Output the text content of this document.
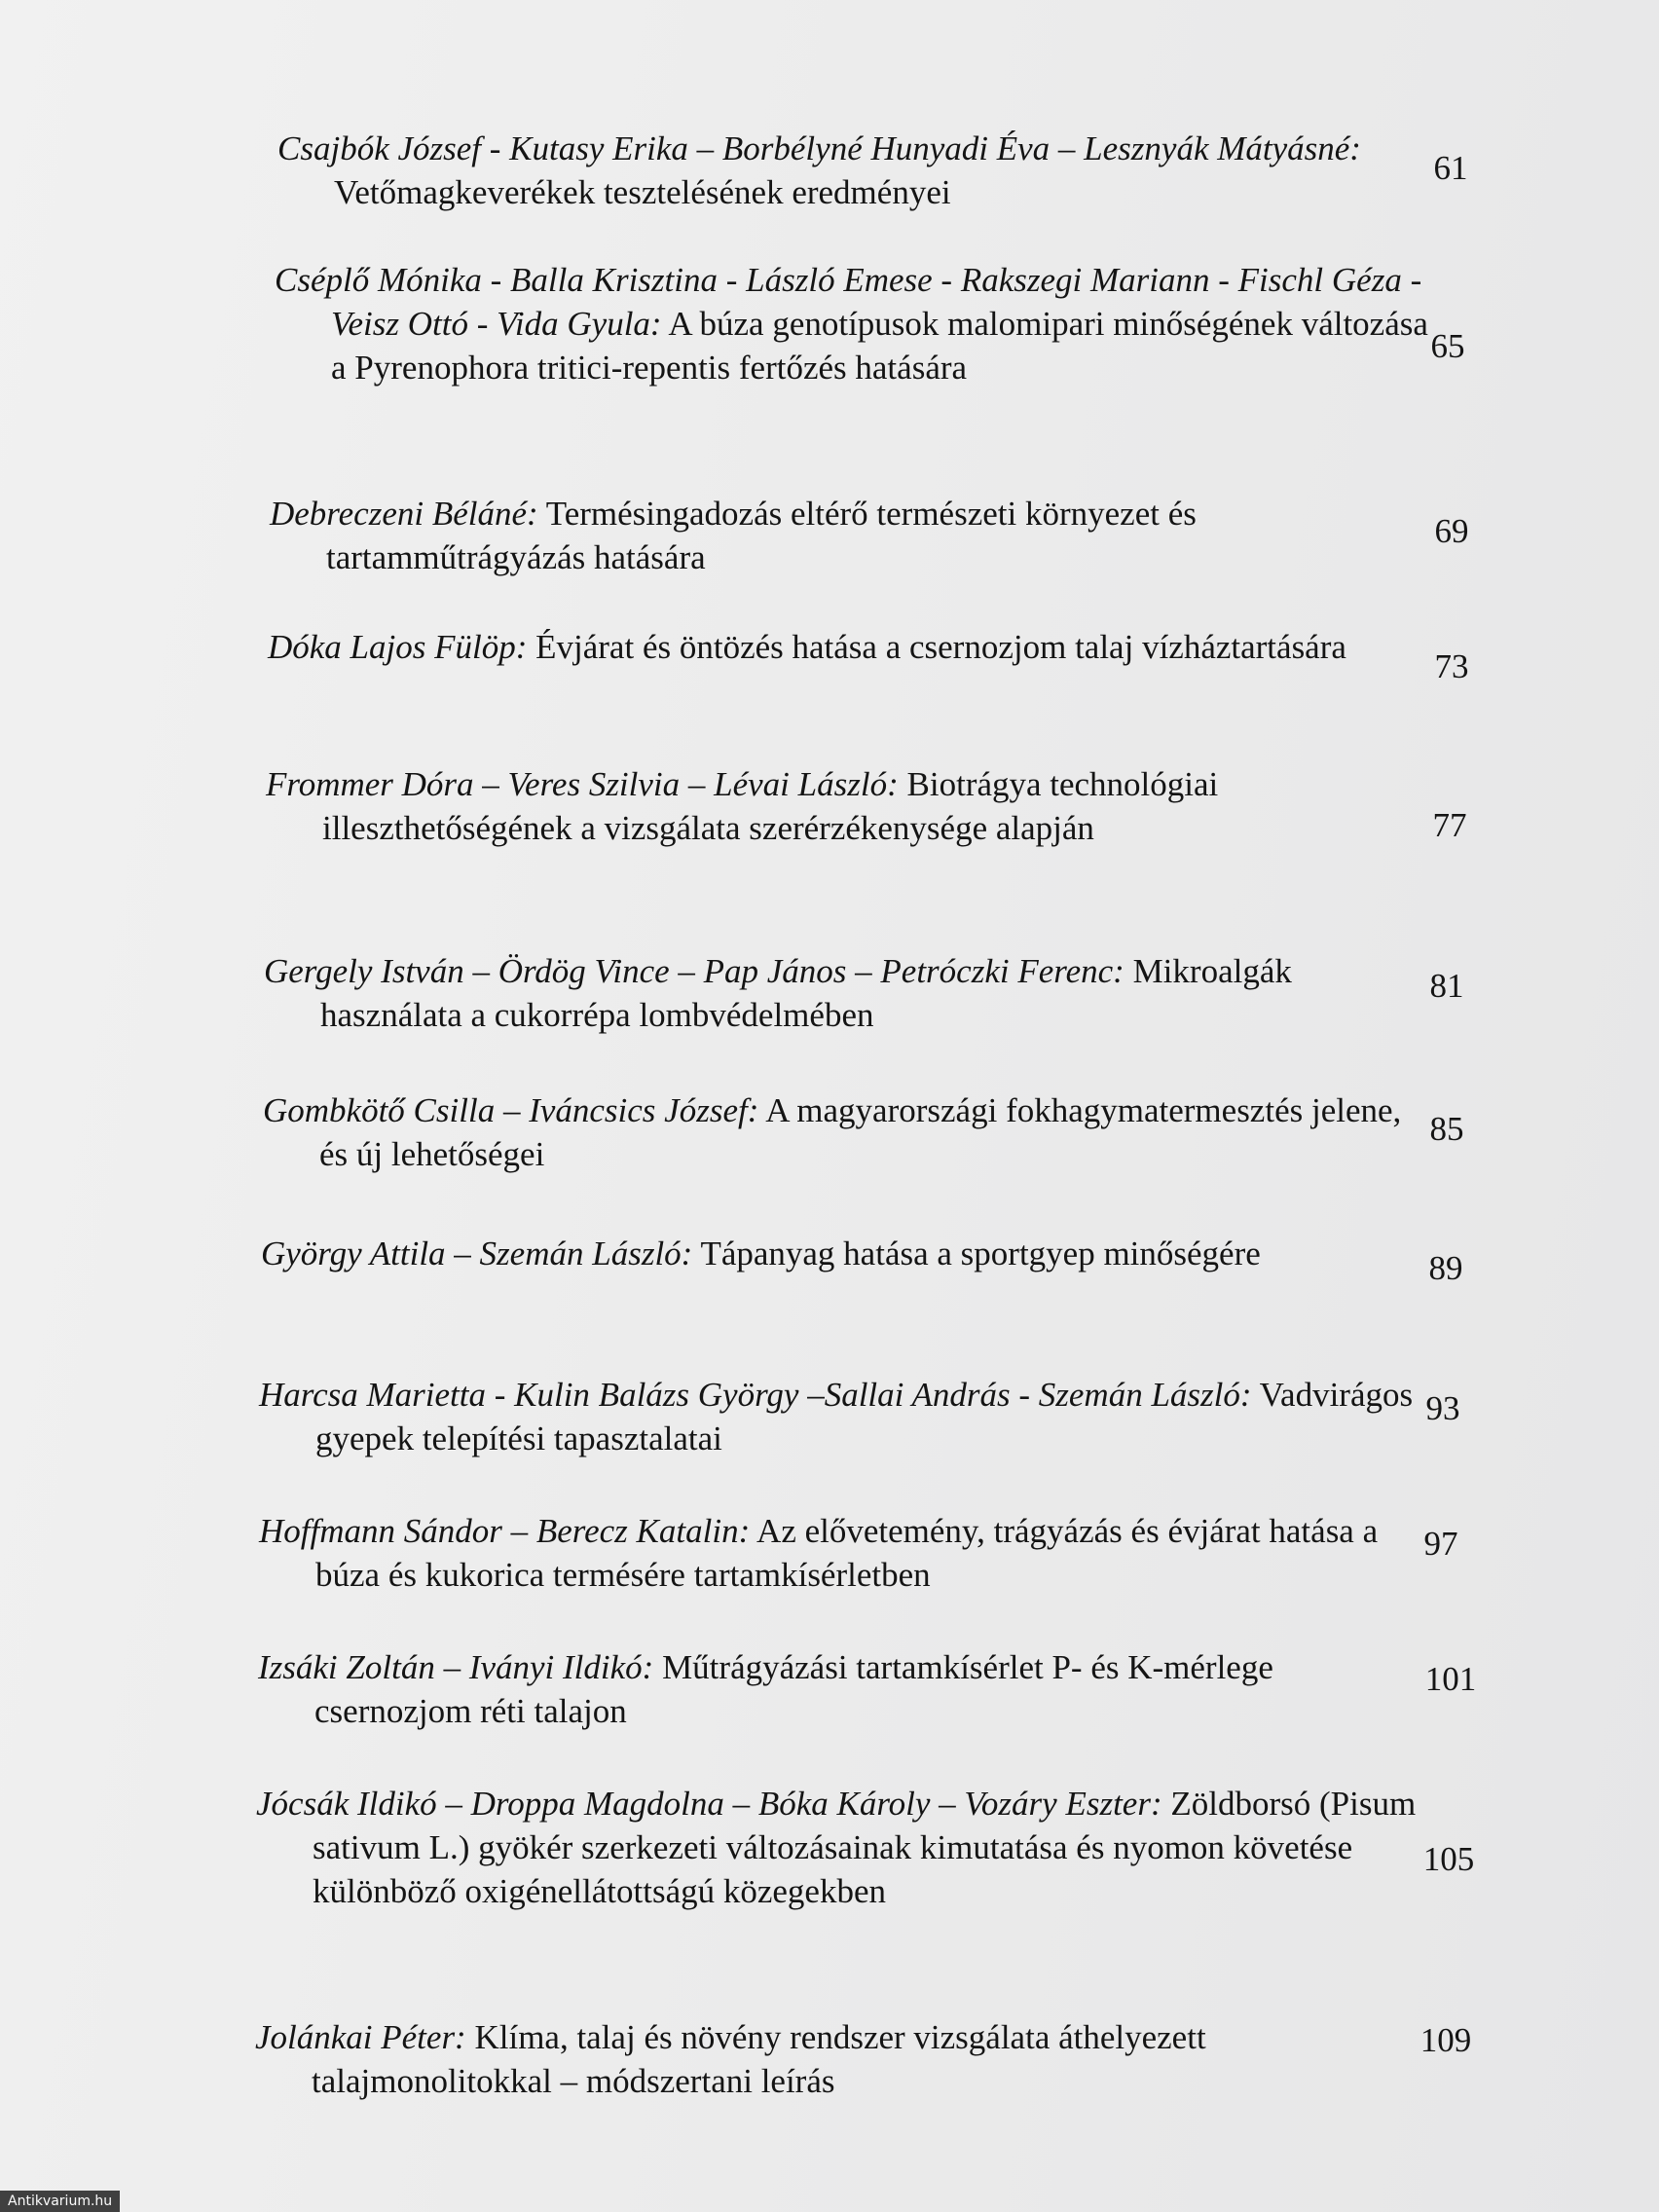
Csajbók József - Kutasy Erika – Borbélyné Hunyadi Éva – Lesznyák Mátyásné: Vetőmagkeverékek tesztelésének eredményei
61
Cséplő Mónika - Balla Krisztina - László Emese - Rakszegi Mariann - Fischl Géza - Veisz Ottó - Vida Gyula: A búza genotípusok malomipari minőségének változása a Pyrenophora tritici-repentis fertőzés hatására
65
Debreczeni Béláné: Termésingadozás eltérő természeti környezet és tartamműtrágyázás hatására
69
Dóka Lajos Fülöp: Évjárat és öntözés hatása a csernozjom talaj vízháztartására
73
Frommer Dóra – Veres Szilvia – Lévai László: Biotrágya technológiai illeszthetőségének a vizsgálata szerérzékenysége alapján	77
Gergely István – Ördög Vince – Pap János – Petróczki Ferenc: Mikroalgák használata a cukorrépa lombvédelmében
81
Gombkötő Csilla – Iváncsics József: A magyarországi fokhagymatermesztés jelene, és új lehetőségei
85
György Attila – Szemán László: Tápanyag hatása a sportgyep minőségére	89
Harcsa Marietta - Kulin Balázs György –Sallai András - Szemán László: Vadvirágos gyepek telepítési tapasztalatai
93
Hoffmann Sándor – Berecz Katalin: Az elővetemény, trágyázás és évjárat hatása a búza és kukorica termésére tartamkísérletben
97
Izsáki Zoltán – Iványi Ildikó: Műtrágyázási tartamkísérlet P- és K-mérlege csernozjom réti talajon
101
Jócsák Ildikó – Droppa Magdolna – Bóka Károly – Vozáry Eszter: Zöldborsó (Pisum sativum L.) gyökér szerkezeti változásainak kimutatása és nyomon követése különböző oxigénellátottságú közegekben
105
Jolánkai Péter: Klíma, talaj és növény rendszer vizsgálata áthelyezett talajmonolitokkal – módszertani leírás
109
Antikvarium.hu
